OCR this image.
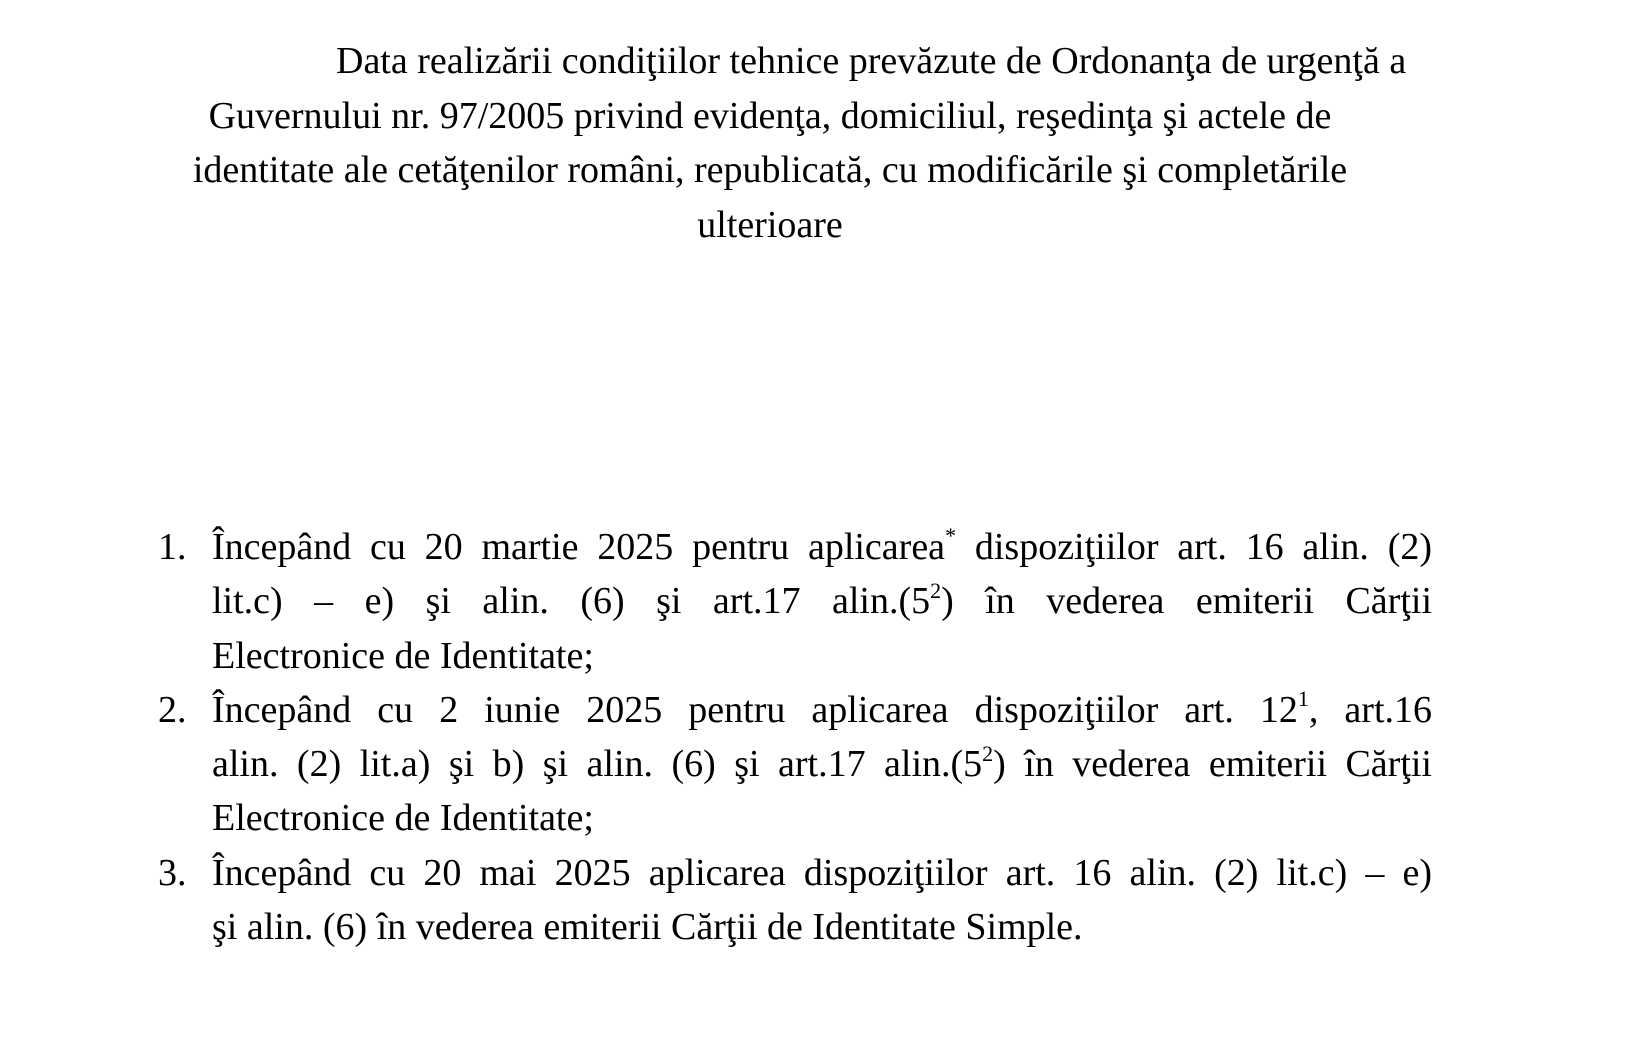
Data realizării condiţiilor tehnice prevăzute de Ordonanţa de urgenţă a
Guvernului nr. 97/2005 privind evidenţa, domiciliul, reşedinţa şi actele de
identitate ale cetăţenilor români, republicată, cu modificările şi completările
ulterioare
1. Începând cu 20 martie 2025 pentru aplicarea* dispoziţiilor art. 16 alin. (2)
lit.c) – e) şi alin. (6) şi art.17 $alin.(5^2)$ în vederea emiterii Cărţii
Electronice de Identitate;
2. Începând cu 2 iunie 2025 pentru aplicarea dispoziţiilor art. $12^1$, art.16
alin. (2) lit.a) şi b) şi alin. (6) şi art.17 $alin.(5^2)$ în vederea emiterii Cărţii
Electronice de Identitate;
3. Începând cu 20 mai 2025 aplicarea dispoziţiilor art. 16 alin. (2) lit.c) – e)
şi alin. (6) în vederea emiterii Cărţii de Identitate Simple.
